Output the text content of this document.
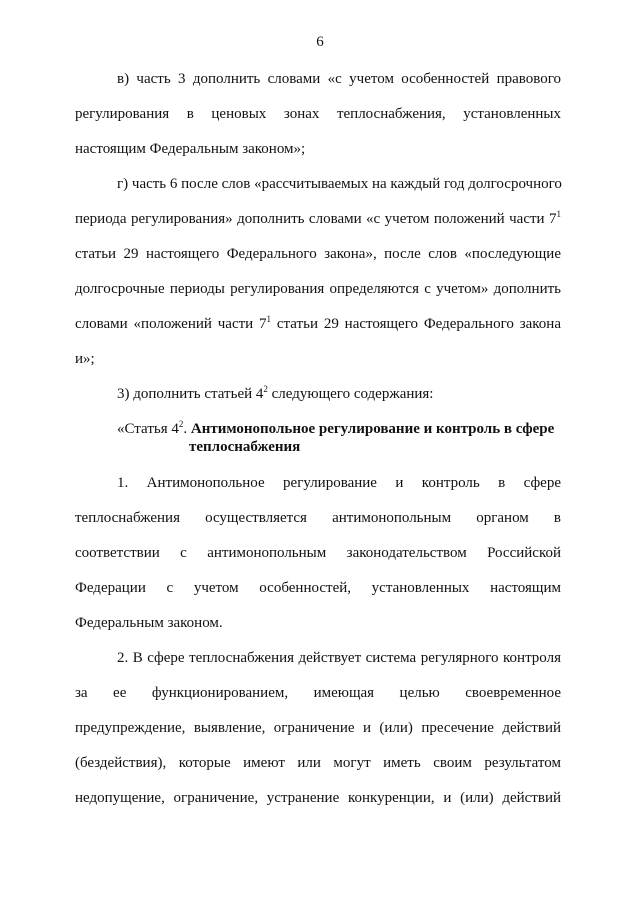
6
в) часть 3 дополнить словами «с учетом особенностей правового
регулирования в ценовых зонах теплоснабжения, установленных
настоящим Федеральным законом»;
г) часть 6 после слов «рассчитываемых на каждый год долгосрочного
периода регулирования» дополнить словами «с учетом положений части $7^1$
статьи 29 настоящего Федерального закона», после слов «последующие
долгосрочные периоды регулирования определяются с учетом» дополнить
словами «положений части $7^1$ статьи 29 настоящего Федерального закона
и»;
3) дополнить статьей $4^2$ следующего содержания:
«Статья $4^2$. Антимонопольное регулирование и контроль в сфере
теплоснабжения
1. Антимонопольное регулирование и контроль в сфере
теплоснабжения осуществляется антимонопольным органом в
соответствии с антимонопольным законодательством Российской
Федерации с учетом особенностей, установленных настоящим
Федеральным законом.
2. В сфере теплоснабжения действует система регулярного контроля
за ее функционированием, имеющая целью своевременное
предупреждение, выявление, ограничение и (или) пресечение действий
(бездействия), которые имеют или могут иметь своим результатом
недопущение, ограничение, устранение конкуренции, и (или) действий
